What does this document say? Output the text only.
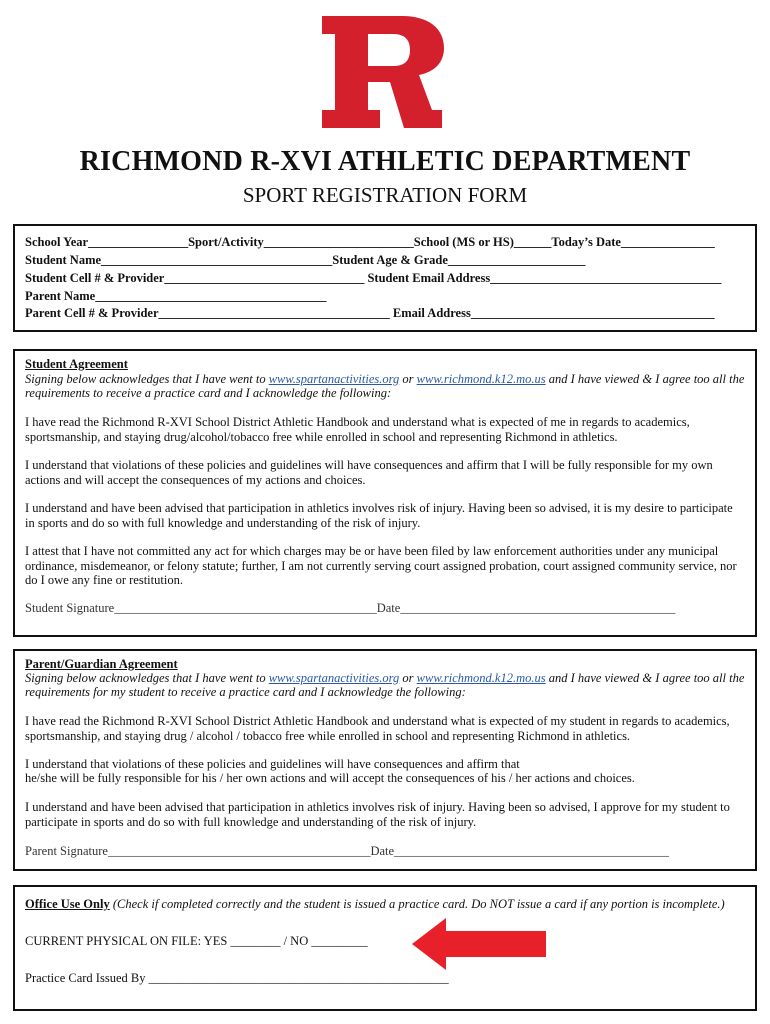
RICHMOND R-XVI ATHLETIC DEPARTMENT
SPORT REGISTRATION FORM
School Year________________Sport/Activity________________________School (MS or HS)______Today’s Date_______________
Student Name_____________________________________Student Age & Grade______________________
Student Cell # & Provider________________________________ Student Email Address_____________________________________
Parent Name_____________________________________
Parent Cell # & Provider_____________________________________ Email Address_______________________________________
Student Agreement
Signing below acknowledges that I have went to www.spartanactivities.org or www.richmond.k12.mo.us and I have viewed & I agree too all the requirements to receive a practice card and I acknowledge the following:
I have read the Richmond R-XVI School District Athletic Handbook and understand what is expected of me in regards to academics, sportsmanship, and staying drug/alcohol/tobacco free while enrolled in school and representing Richmond in athletics.
I understand that violations of these policies and guidelines will have consequences and affirm that I will be fully responsible for my own actions and will accept the consequences of my actions and choices.
I understand and have been advised that participation in athletics involves risk of injury. Having been so advised, it is my desire to participate in sports and do so with full knowledge and understanding of the risk of injury.
I attest that I have not committed any act for which charges may be or have been filed by law enforcement authorities under any municipal ordinance, misdemeanor, or felony statute; further, I am not currently serving court assigned probation, court assigned community service, nor do I owe any fine or restitution.
Student Signature__________________________________________Date____________________________________________
Parent/Guardian Agreement
Signing below acknowledges that I have went to www.spartanactivities.org or www.richmond.k12.mo.us and I have viewed & I agree too all the requirements for my student to receive a practice card and I acknowledge the following:
I have read the Richmond R-XVI School District Athletic Handbook and understand what is expected of my student in regards to academics, sportsmanship, and staying drug / alcohol / tobacco free while enrolled in school and representing Richmond in athletics.
I understand that violations of these policies and guidelines will have consequences and affirm that
he/she will be fully responsible for his / her own actions and will accept the consequences of his / her actions and choices.
I understand and have been advised that participation in athletics involves risk of injury. Having been so advised, I approve for my student to participate in sports and do so with full knowledge and understanding of the risk of injury.
Parent Signature__________________________________________Date____________________________________________
Office Use Only (Check if completed correctly and the student is issued a practice card. Do NOT issue a card if any portion is incomplete.)
CURRENT PHYSICAL ON FILE: YES ________ / NO _________
Practice Card Issued By ________________________________________________
